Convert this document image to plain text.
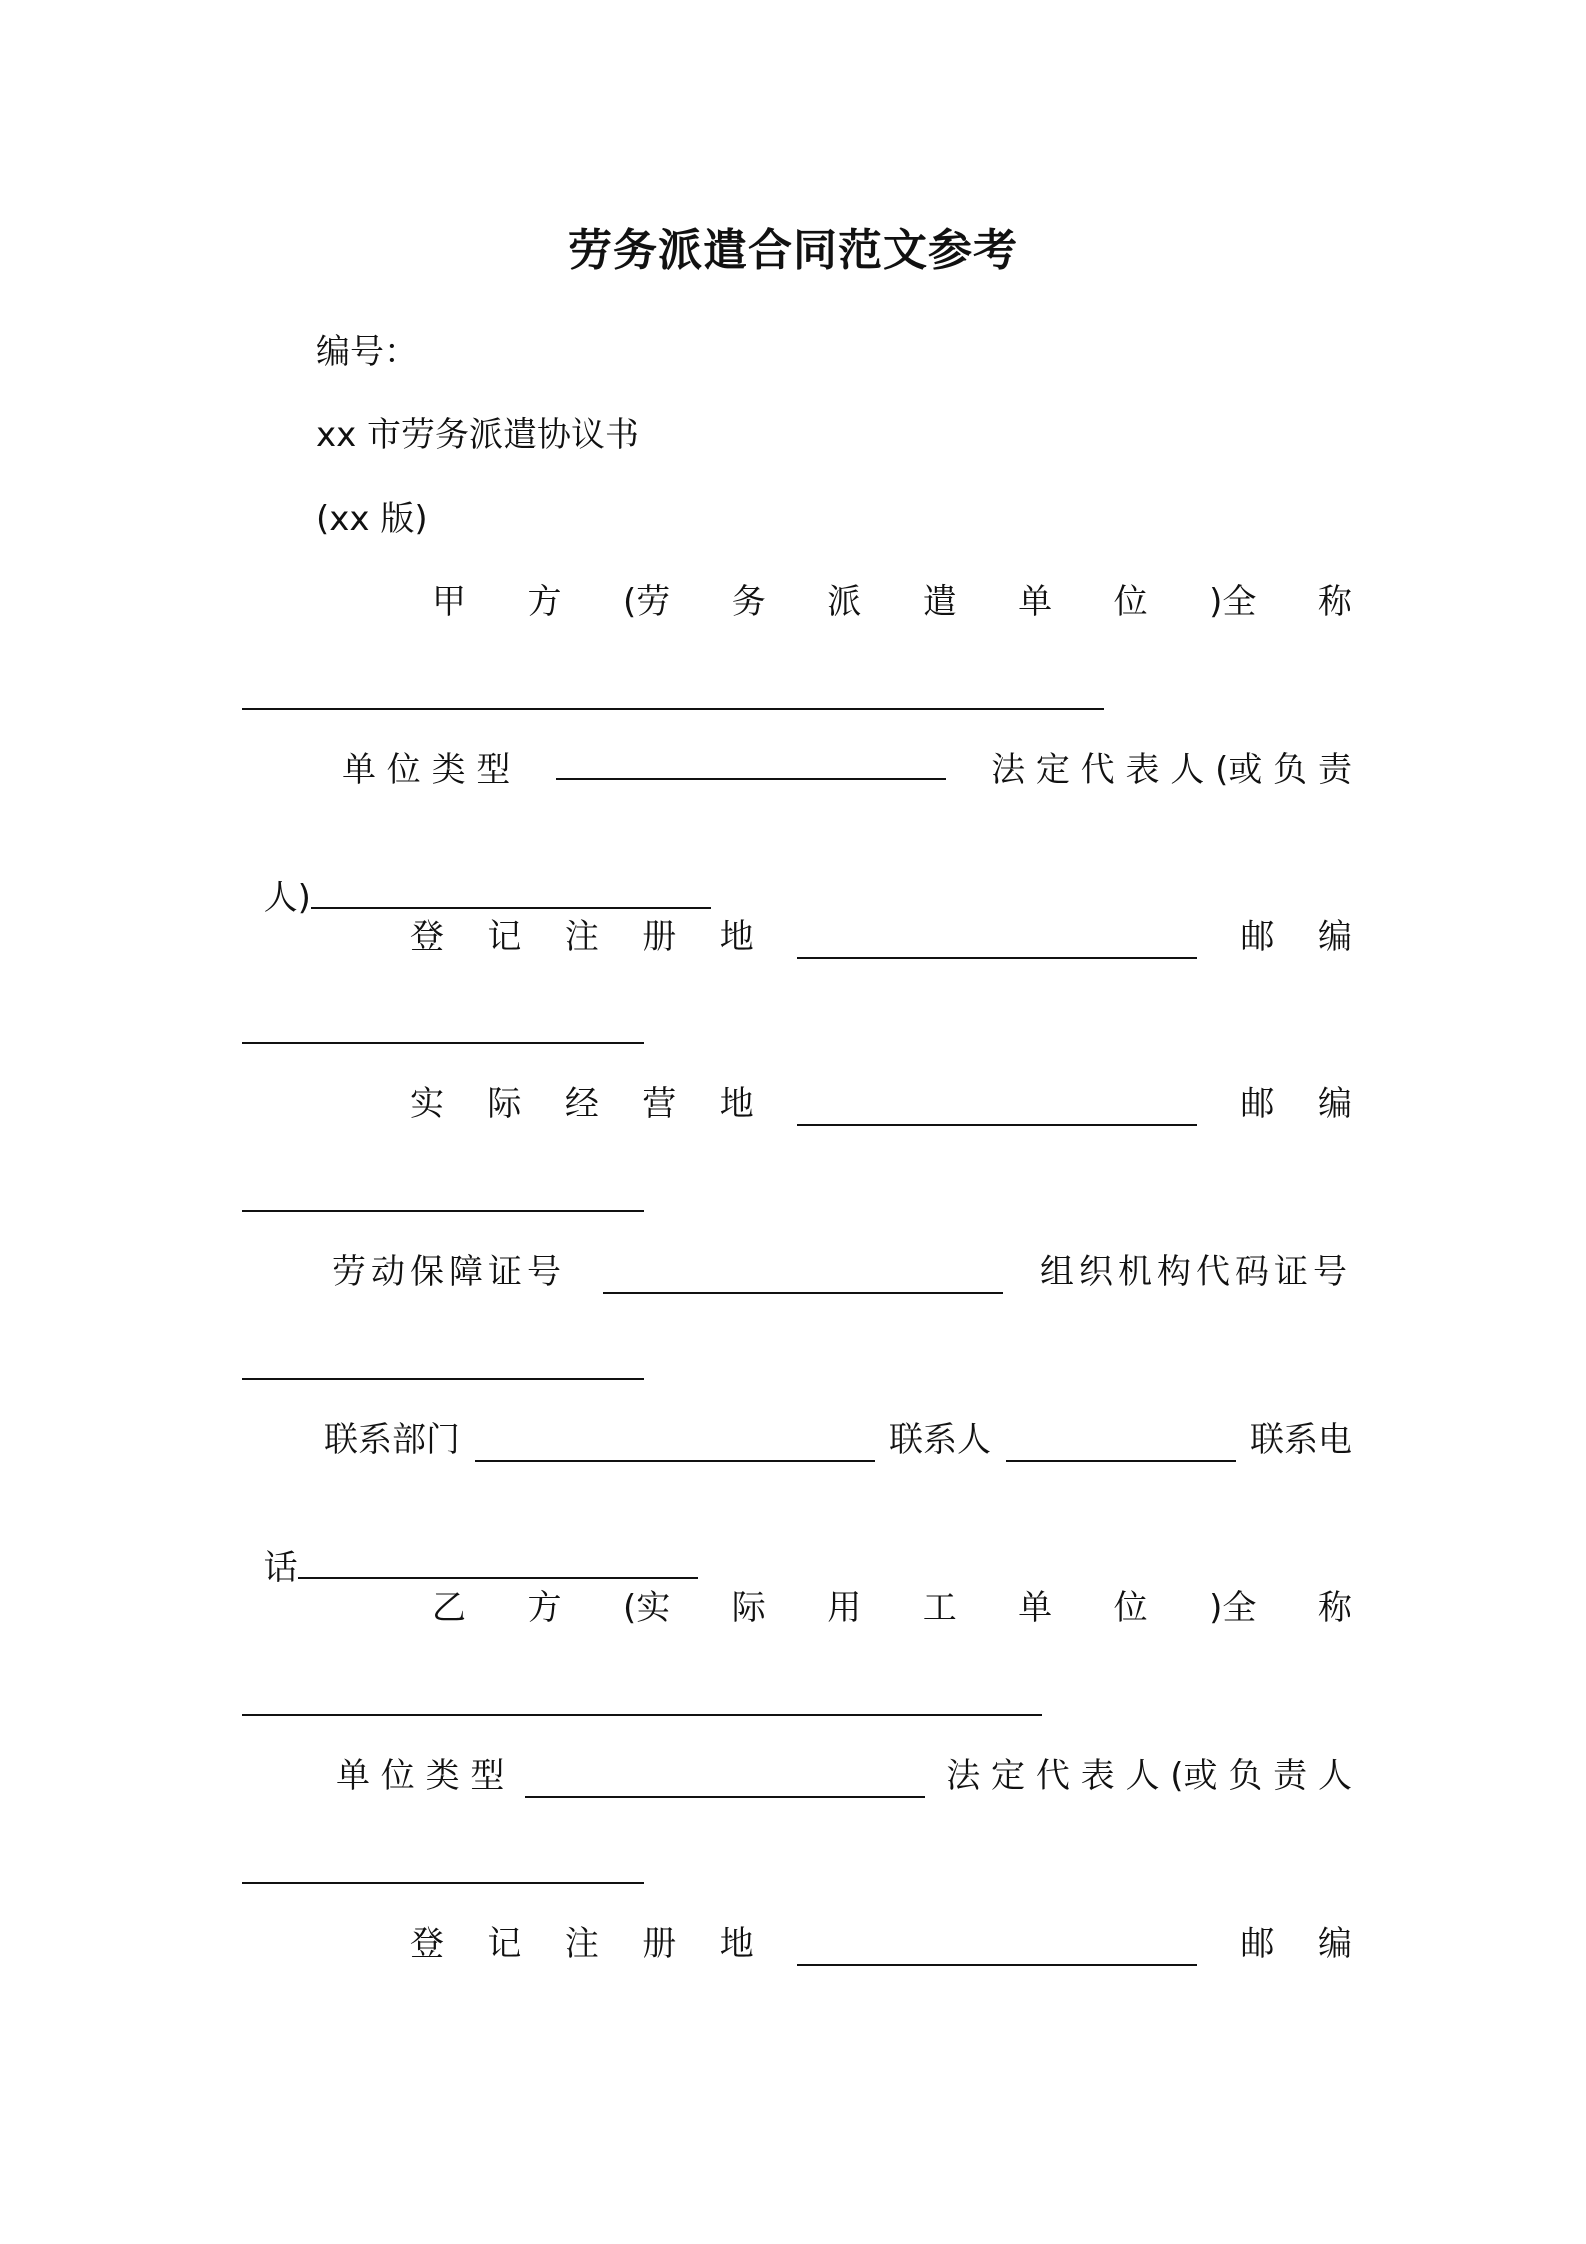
劳务派遣合同范文参考
编号：
xx 市劳务派遣协议书
(xx 版)
甲 方 (劳 务 派 遣 单 位 )全 称
单 位 类 型	法 定 代 表 人 (或 负 责

人)

登 记 注 册 地	邮 编
实 际 经 营 地	邮 编
劳动保障证号	组织机构代码证号
联系部门	联系人	联系电

话

乙 方 (实 际 用 工 单 位 )全 称
单 位 类 型	法 定 代 表 人 (或 负 责 人
登 记 注 册 地	邮 编
